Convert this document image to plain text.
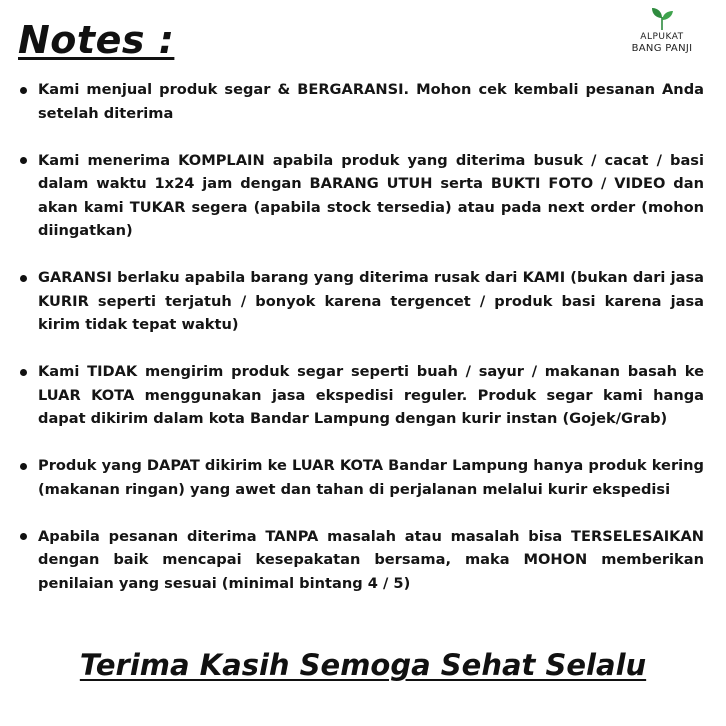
Notes :	ALPUKAT
BANG PANJI
Kami menjual produk segar & BERGARANSI. Mohon cek kembali pesanan Anda setelah diterima
Kami menerima KOMPLAIN apabila produk yang diterima busuk / cacat / basi dalam waktu 1x24 jam dengan BARANG UTUH serta BUKTI FOTO / VIDEO dan akan kami TUKAR segera (apabila stock tersedia) atau pada next order (mohon diingatkan)
GARANSI berlaku apabila barang yang diterima rusak dari KAMI (bukan dari jasa KURIR seperti terjatuh / bonyok karena tergencet / produk basi karena jasa kirim tidak tepat waktu)
Kami TIDAK mengirim produk segar seperti buah / sayur / makanan basah ke LUAR KOTA menggunakan jasa ekspedisi reguler. Produk segar kami hanga dapat dikirim dalam kota Bandar Lampung dengan kurir instan (Gojek/Grab)
Produk yang DAPAT dikirim ke LUAR KOTA Bandar Lampung hanya produk kering (makanan ringan) yang awet dan tahan di perjalanan melalui kurir ekspedisi
Apabila pesanan diterima TANPA masalah atau masalah bisa TERSELESAIKAN dengan baik mencapai kesepakatan bersama, maka MOHON memberikan penilaian yang sesuai (minimal bintang 4 / 5)
Terima Kasih Semoga Sehat Selalu
